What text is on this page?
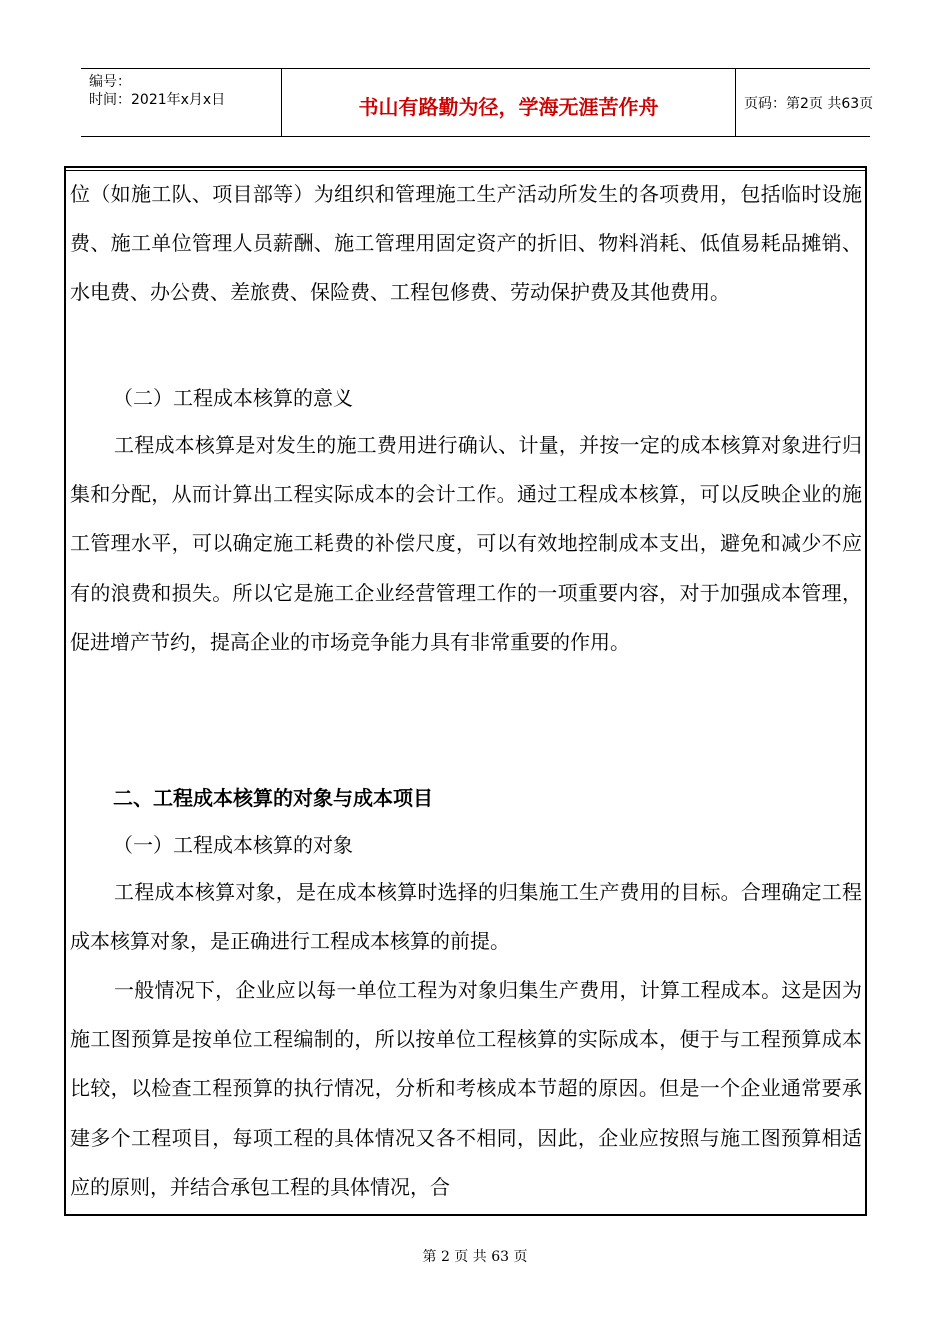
编号：
时间：2021年x月x日	书山有路勤为径，学海无涯苦作舟	页码：第2页 共63页
位（如施工队、项目部等）为组织和管理施工生产活动所发生的各项费用，包括临时设施费、施工单位管理人员薪酬、施工管理用固定资产的折旧、物料消耗、低值易耗品摊销、水电费、办公费、差旅费、保险费、工程包修费、劳动保护费及其他费用。
（二）工程成本核算的意义
工程成本核算是对发生的施工费用进行确认、计量，并按一定的成本核算对象进行归集和分配，从而计算出工程实际成本的会计工作。通过工程成本核算，可以反映企业的施工管理水平，可以确定施工耗费的补偿尺度，可以有效地控制成本支出，避免和减少不应有的浪费和损失。所以它是施工企业经营管理工作的一项重要内容，对于加强成本管理，促进增产节约，提高企业的市场竞争能力具有非常重要的作用。
二、工程成本核算的对象与成本项目
（一）工程成本核算的对象
工程成本核算对象，是在成本核算时选择的归集施工生产费用的目标。合理确定工程成本核算对象，是正确进行工程成本核算的前提。
一般情况下，企业应以每一单位工程为对象归集生产费用，计算工程成本。这是因为施工图预算是按单位工程编制的，所以按单位工程核算的实际成本，便于与工程预算成本比较，以检查工程预算的执行情况，分析和考核成本节超的原因。但是一个企业通常要承建多个工程项目，每项工程的具体情况又各不相同，因此，企业应按照与施工图预算相适应的原则，并结合承包工程的具体情况，合
第 2 页 共 63 页
